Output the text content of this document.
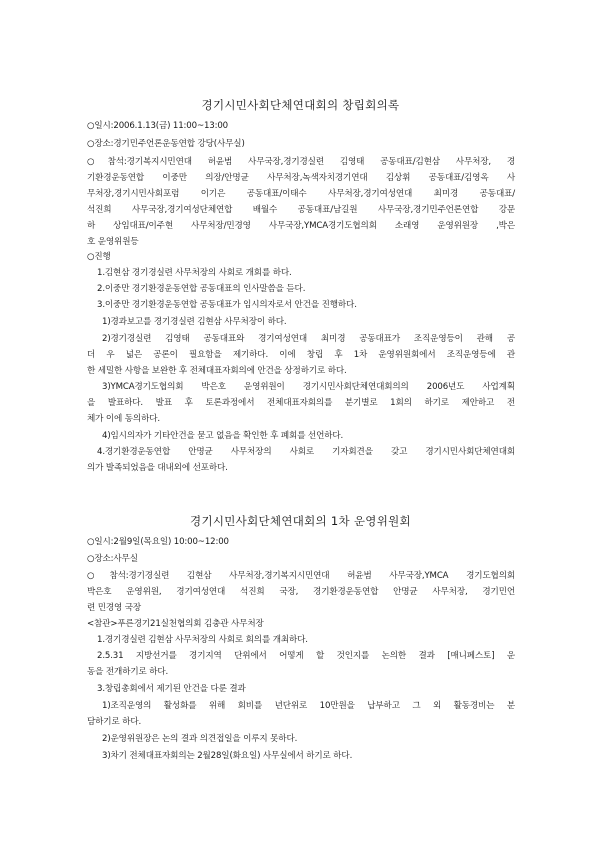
경기시민사회단체연대회의 창립회의록
○일시:2006.1.13(금) 11:00~13:00
○장소:경기민주언론운동연합 강당(사무실)
○참석:경기복지시민연대 허윤범 사무국장,경기경실련 김영태 공동대표/김현삼 사무처장, 경
기환경운동연합 이중만 의장/안명균 사무처장,녹색자치경기연대 김상휘 공동대표/김영옥 사
무처장,경기시민사회포럼 이기은 공동대표/이태수 사무처장,경기여성연대 최미경 공동대표/
석진희 사무국장,경기여성단체연합 배월수 공동대표/남길원 사무국장,경기민주언론연합 강문
하 상임대표/이주현 사무처장/민경영 사무국장,YMCA경기도협의회 소래영 운영위원장 ,박은
호 운영위원등
○진행
1.김현삼 경기경실련 사무처장의 사회로 개회를 하다.
2.이중만 경기환경운동연합 공동대표의 인사말씀을 듣다.
3.이중만 경기환경운동연합 공동대표가 임시의자로서 안건을 진행하다.
1)경과보고를 경기경실련 김현삼 사무처장이 하다.
2)경기경실련 김영태 공동대표와 경기여성연대 최미경 공동대표가 조직운영등이 관해 공
더 우 넓은 공론이 필요함을 제기하다. 이에 창립 후 1차 운영위원회에서 조직운영등에 관
한 세밀한 사항을 보완한 후 전체대표자회의에 안건을 상정하기로 하다.
3)YMCA경기도협의회 박은호 운영위원이 경기시민사회단체연대회의의 2006년도 사업계획
을 발표하다. 발표 후 토론과정에서 전체대표자회의를 분기별로 1회의 하기로 제안하고 전
체가 이에 동의하다.
4)임시의자가 기타안건을 묻고 없음을 확인한 후 폐회를 선언하다.
4.경기환경운동연합 안명균 사무처장의 사회로 기자회견을 갖고 경기시민사회단체연대회
의가 발족되었음을 대내외에 선포하다.
경기시민사회단체연대회의 1차 운영위원회
○일시:2월9일(목요일) 10:00~12:00
○장소:사무실
○참석:경기경실련 김현삼 사무처장,경기복지시민연대 허윤범 사무국장,YMCA 경기도협의회
박은호 운영위원, 경기여성연대 석진희 국장, 경기환경운동연합 안명균 사무처장, 경기민언
련 민경영 국장
<참관>푸른경기21실천협의회 김충관 사무처장
1.경기경실련 김현삼 사무처장의 사회로 회의를 개최하다.
2.5.31 지방선거를 경기지역 단위에서 어떻게 할 것인지를 논의한 결과 [매니페스토] 운
동을 전개하기로 하다.
3.창립총회에서 제기된 안건을 다룬 결과
1)조직운영의 활성화를 위해 회비를 년단위로 10만원을 납부하고 그 외 활동경비는 분
담하기로 하다.
2)운영위원장은 논의 결과 의견접일을 이루지 못하다.
3)차기 전체대표자회의는 2월28일(화요일) 사무실에서 하기로 하다.
